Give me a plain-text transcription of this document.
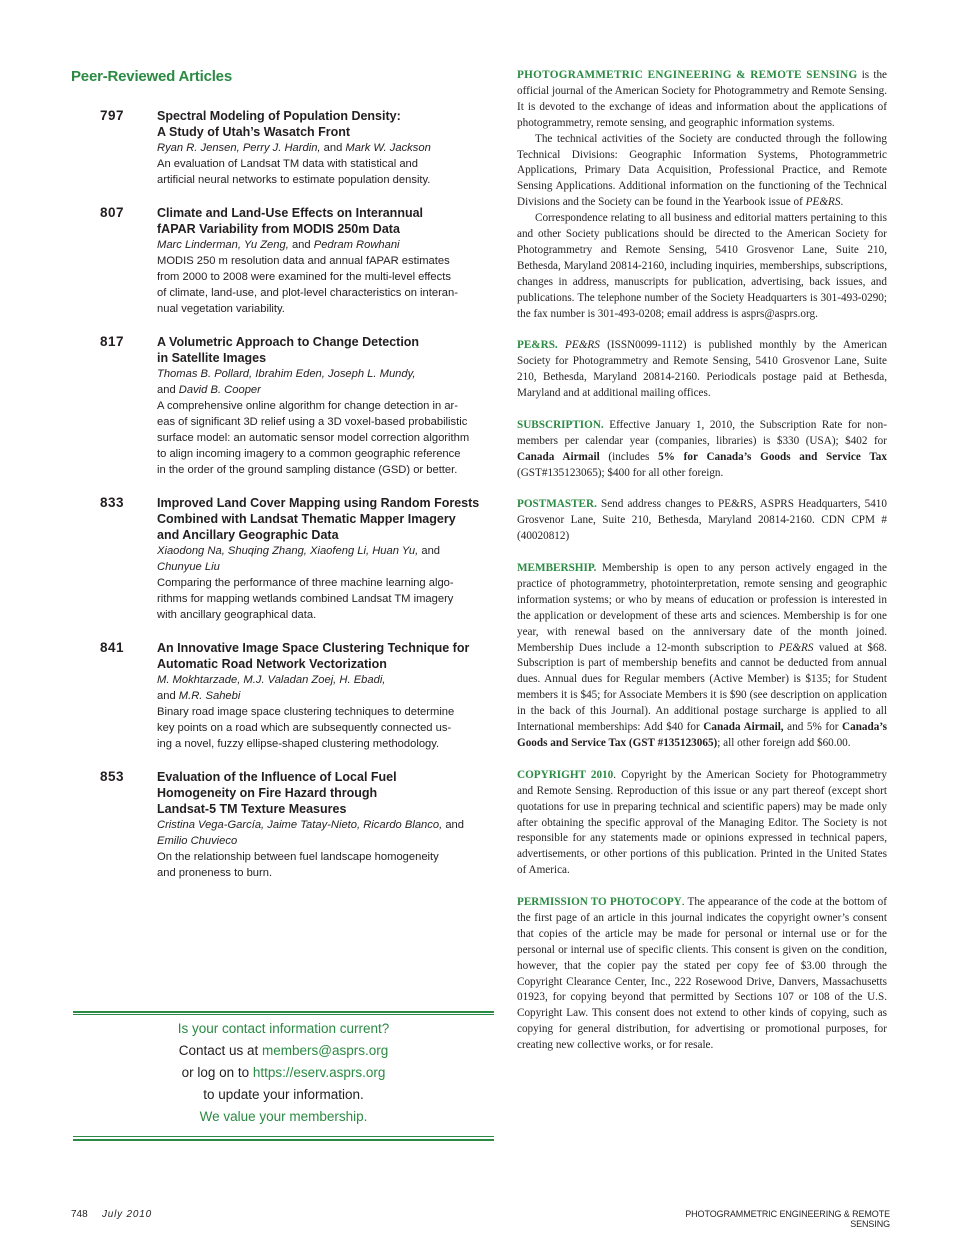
Peer-Reviewed Articles
797	Spectral Modeling of Population Density:
A Study of Utah’s Wasatch Front
Ryan R. Jensen, Perry J. Hardin, and Mark W. Jackson
An evaluation of Landsat TM data with statistical and
artificial neural networks to estimate population density.
807	Climate and Land-Use Effects on Interannual
fAPAR Variability from MODIS 250m Data
Marc Linderman, Yu Zeng, and Pedram Rowhani
MODIS 250 m resolution data and annual fAPAR estimates
from 2000 to 2008 were examined for the multi-level effects
of climate, land-use, and plot-level characteristics on interan-
nual vegetation variability.
817	A Volumetric Approach to Change Detection
in Satellite Images
Thomas B. Pollard, Ibrahim Eden, Joseph L. Mundy,
and David B. Cooper
A comprehensive online algorithm for change detection in ar-
eas of significant 3D relief using a 3D voxel-based probabilistic
surface model: an automatic sensor model correction algorithm
to align incoming imagery to a common geographic reference
in the order of the ground sampling distance (GSD) or better.
833	Improved Land Cover Mapping using Random Forests
Combined with Landsat Thematic Mapper Imagery
and Ancillary Geographic Data
Xiaodong Na, Shuqing Zhang, Xiaofeng Li, Huan Yu, and
Chunyue Liu
Comparing the performance of three machine learning algo-
rithms for mapping wetlands combined Landsat TM imagery
with ancillary geographical data.
841	An Innovative Image Space Clustering Technique for
Automatic Road Network Vectorization
M. Mokhtarzade, M.J. Valadan Zoej, H. Ebadi,
and M.R. Sahebi
Binary road image space clustering techniques to determine
key points on a road which are subsequently connected us-
ing a novel, fuzzy ellipse-shaped clustering methodology.
853	Evaluation of the Influence of Local Fuel
Homogeneity on Fire Hazard through
Landsat-5 TM Texture Measures
Cristina Vega-García, Jaime Tatay-Nieto, Ricardo Blanco, and
Emilio Chuvieco
On the relationship between fuel landscape homogeneity
and proneness to burn.
Is your contact information current?
Contact us at members@asprs.org
or log on to https://eserv.asprs.org
to update your information.
We value your membership.

PHOTOGRAMMETRIC ENGINEERING & REMOTE SENSING is the official journal of the American Society for Photogrammetry and Remote Sensing. It is devoted to the exchange of ideas and information about the applications of photogrammetry, remote sensing, and geographic information systems.

The technical activities of the Society are conducted through the following Technical Divisions: Geographic Information Systems, Photogrammetric Applications, Primary Data Acquisition, Professional Practice, and Remote Sensing Applications. Additional information on the functioning of the Technical Divisions and the Society can be found in the Yearbook issue of PE&RS.

Correspondence relating to all business and editorial matters pertaining to this and other Society publications should be directed to the American Society for Photogrammetry and Remote Sensing, 5410 Grosvenor Lane, Suite 210, Bethesda, Maryland 20814-2160, including inquiries, memberships, subscriptions, changes in address, manuscripts for publication, advertising, back issues, and publications. The telephone number of the Society Headquarters is 301-493-0290; the fax number is 301-493-0208; email address is asprs@asprs.org.

PE&RS. PE&RS (ISSN0099-1112) is published monthly by the American Society for Photogrammetry and Remote Sensing, 5410 Grosvenor Lane, Suite 210, Bethesda, Maryland 20814-2160. Periodicals postage paid at Bethesda, Maryland and at additional mailing offices.

SUBSCRIPTION. Effective January 1, 2010, the Subscription Rate for non-members per calendar year (companies, libraries) is $330 (USA); $402 for Canada Airmail (includes 5% for Canada’s Goods and Service Tax (GST#135123065); $400 for all other foreign.

POSTMASTER. Send address changes to PE&RS, ASPRS Headquarters, 5410 Grosvenor Lane, Suite 210, Bethesda, Maryland 20814-2160. CDN CPM #(40020812)

MEMBERSHIP. Membership is open to any person actively engaged in the practice of photogrammetry, photointerpretation, remote sensing and geographic information systems; or who by means of education or profession is interested in the application or development of these arts and sciences. Membership is for one year, with renewal based on the anniversary date of the month joined. Membership Dues include a 12-month subscription to PE&RS valued at $68. Subscription is part of membership benefits and cannot be deducted from annual dues. Annual dues for Regular members (Active Member) is $135; for Student members it is $45; for Associate Members it is $90 (see description on application in the back of this Journal). An additional postage surcharge is applied to all International memberships: Add $40 for Canada Airmail, and 5% for Canada’s Goods and Service Tax (GST #135123065); all other foreign add $60.00.

COPYRIGHT 2010. Copyright by the American Society for Photogrammetry and Remote Sensing. Reproduction of this issue or any part thereof (except short quotations for use in preparing technical and scientific papers) may be made only after obtaining the specific approval of the Managing Editor. The Society is not responsible for any statements made or opinions expressed in technical papers, advertisements, or other portions of this publication. Printed in the United States of America.

PERMISSION TO PHOTOCOPY. The appearance of the code at the bottom of the first page of an article in this journal indicates the copyright owner’s consent that copies of the article may be made for personal or internal use or for the personal or internal use of specific clients. This consent is given on the condition, however, that the copier pay the stated per copy fee of $3.00 through the Copyright Clearance Center, Inc., 222 Rosewood Drive, Danvers, Massachusetts 01923, for copying beyond that permitted by Sections 107 or 108 of the U.S. Copyright Law. This consent does not extend to other kinds of copying, such as copying for general distribution, for advertising or promotional purposes, for creating new collective works, or for resale.

748 July 2010	PHOTOGRAMMETRIC ENGINEERING & REMOTE SENSING
